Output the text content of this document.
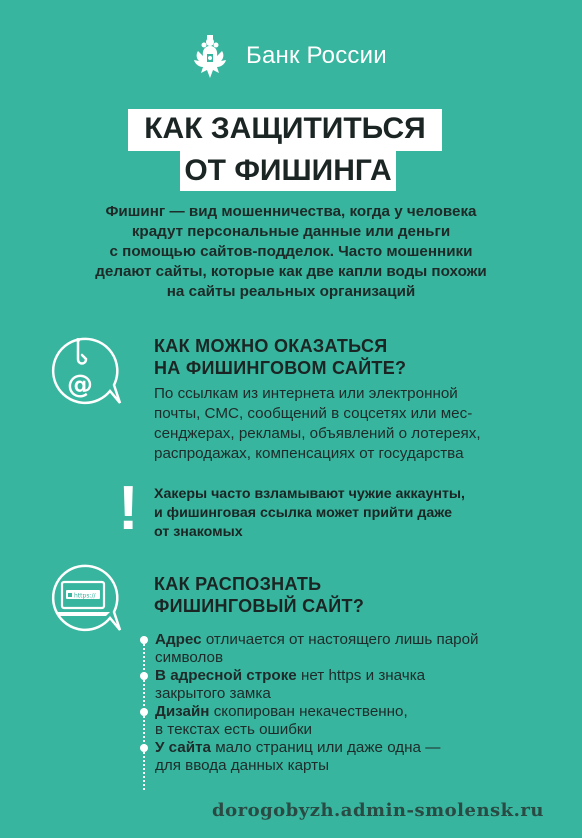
Банк России
КАК ЗАЩИТИТЬСЯ
ОТ ФИШИНГА
Фишинг — вид мошенничества, когда у человека
крадут персональные данные или деньги
с помощью сайтов-подделок. Часто мошенники
делают сайты, которые как две капли воды похожи
на сайты реальных организаций
@
КАК МОЖНО ОКАЗАТЬСЯ
НА ФИШИНГОВОМ САЙТЕ?
По ссылкам из интернета или электронной
почты, СМС, сообщений в соцсетях или мес-
сенджерах, рекламы, объявлений о лотереях,
распродажах, компенсациях от государства
! Хакеры часто взламывают чужие аккаунты,
и фишинговая ссылка может прийти даже
от знакомых
https://
КАК РАСПОЗНАТЬ
ФИШИНГОВЫЙ САЙТ?
Адрес отличается от настоящего лишь парой
символов
В адресной строке нет https и значка
закрытого замка
Дизайн скопирован некачественно,
в текстах есть ошибки
У сайта мало страниц или даже одна —
для ввода данных карты
dorogobyzh.admin-smolensk.ru
